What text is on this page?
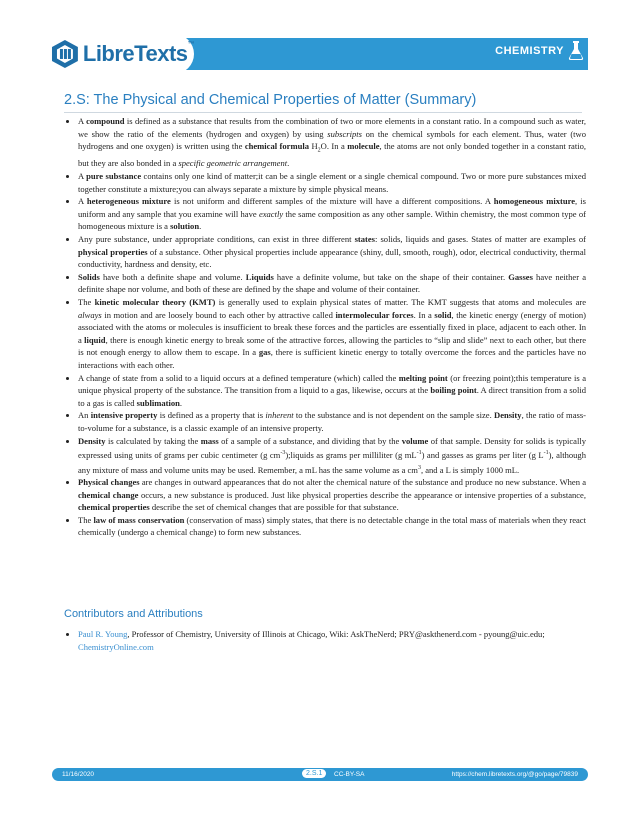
LibreTexts™
CHEMISTRY
2.S: The Physical and Chemical Properties of Matter (Summary)
• A compound is defined as a substance that results from the combination of two or more elements in a constant ratio. In a compound such as water, we show the ratio of the elements (hydrogen and oxygen) by using subscripts on the chemical symbols for each element. Thus, water (two hydrogens and one oxygen) is written using the chemical formula $H_2O$. In a molecule, the atoms are not only bonded together in a constant ratio, but they are also bonded in a specific geometric arrangement.
• A pure substance contains only one kind of matter;it can be a single element or a single chemical compound. Two or more pure substances mixed together constitute a mixture;you can always separate a mixture by simple physical means.
• A heterogeneous mixture is not uniform and different samples of the mixture will have a different compositions. A homogeneous mixture, is uniform and any sample that you examine will have exactly the same composition as any other sample. Within chemistry, the most common type of homogeneous mixture is a solution.
• Any pure substance, under appropriate conditions, can exist in three different states: solids, liquids and gases. States of matter are examples of physical properties of a substance. Other physical properties include appearance (shiny, dull, smooth, rough), odor, electrical conductivity, thermal conductivity, hardness and density, etc.
• Solids have both a definite shape and volume. Liquids have a definite volume, but take on the shape of their container. Gasses have neither a definite shape nor volume, and both of these are defined by the shape and volume of their container.
• The kinetic molecular theory (KMT) is generally used to explain physical states of matter. The KMT suggests that atoms and molecules are always in motion and are loosely bound to each other by attractive called intermolecular forces. In a solid, the kinetic energy (energy of motion) associated with the atoms or molecules is insufficient to break these forces and the particles are essentially fixed in place, adjacent to each other. In a liquid, there is enough kinetic energy to break some of the attractive forces, allowing the particles to “slip and slide” next to each other, but there is not enough energy to allow them to escape. In a gas, there is sufficient kinetic energy to totally overcome the forces and the particles have no interactions with each other.
• A change of state from a solid to a liquid occurs at a defined temperature (which) called the melting point (or freezing point);this temperature is a unique physical property of the substance. The transition from a liquid to a gas, likewise, occurs at the boiling point. A direct transition from a solid to a gas is called sublimation.
• An intensive property is defined as a property that is inherent to the substance and is not dependent on the sample size. Density, the ratio of mass-to-volume for a substance, is a classic example of an intensive property.
• Density is calculated by taking the mass of a sample of a substance, and dividing that by the volume of that sample. Density for solids is typically expressed using units of grams per cubic centimeter (g $cm^{-3});liquids$ as grams per milliliter (g $mL^{-1}$) and gasses as grams per liter (g $L^{-1}$), although any mixture of mass and volume units may be used. Remember, a mL has the same volume as a $cm^3$, and a L is simply 1000 mL.
• Physical changes are changes in outward appearances that do not alter the chemical nature of the substance and produce no new substance. When a chemical change occurs, a new substance is produced. Just like physical properties describe the appearance or intensive properties of a substance, chemical properties describe the set of chemical changes that are possible for that substance.
• The law of mass conservation (conservation of mass) simply states, that there is no detectable change in the total mass of materials when they react chemically (undergo a chemical change) to form new substances.
Contributors and Attributions
• Paul R. Young, Professor of Chemistry, University of Illinois at Chicago, Wiki: AskTheNerd; PRY@askthenerd.com - pyoung@uic.edu; ChemistryOnline.com
11/16/2020	2.S.1	CC-BY-SA	https://chem.libretexts.org/@go/page/79839
